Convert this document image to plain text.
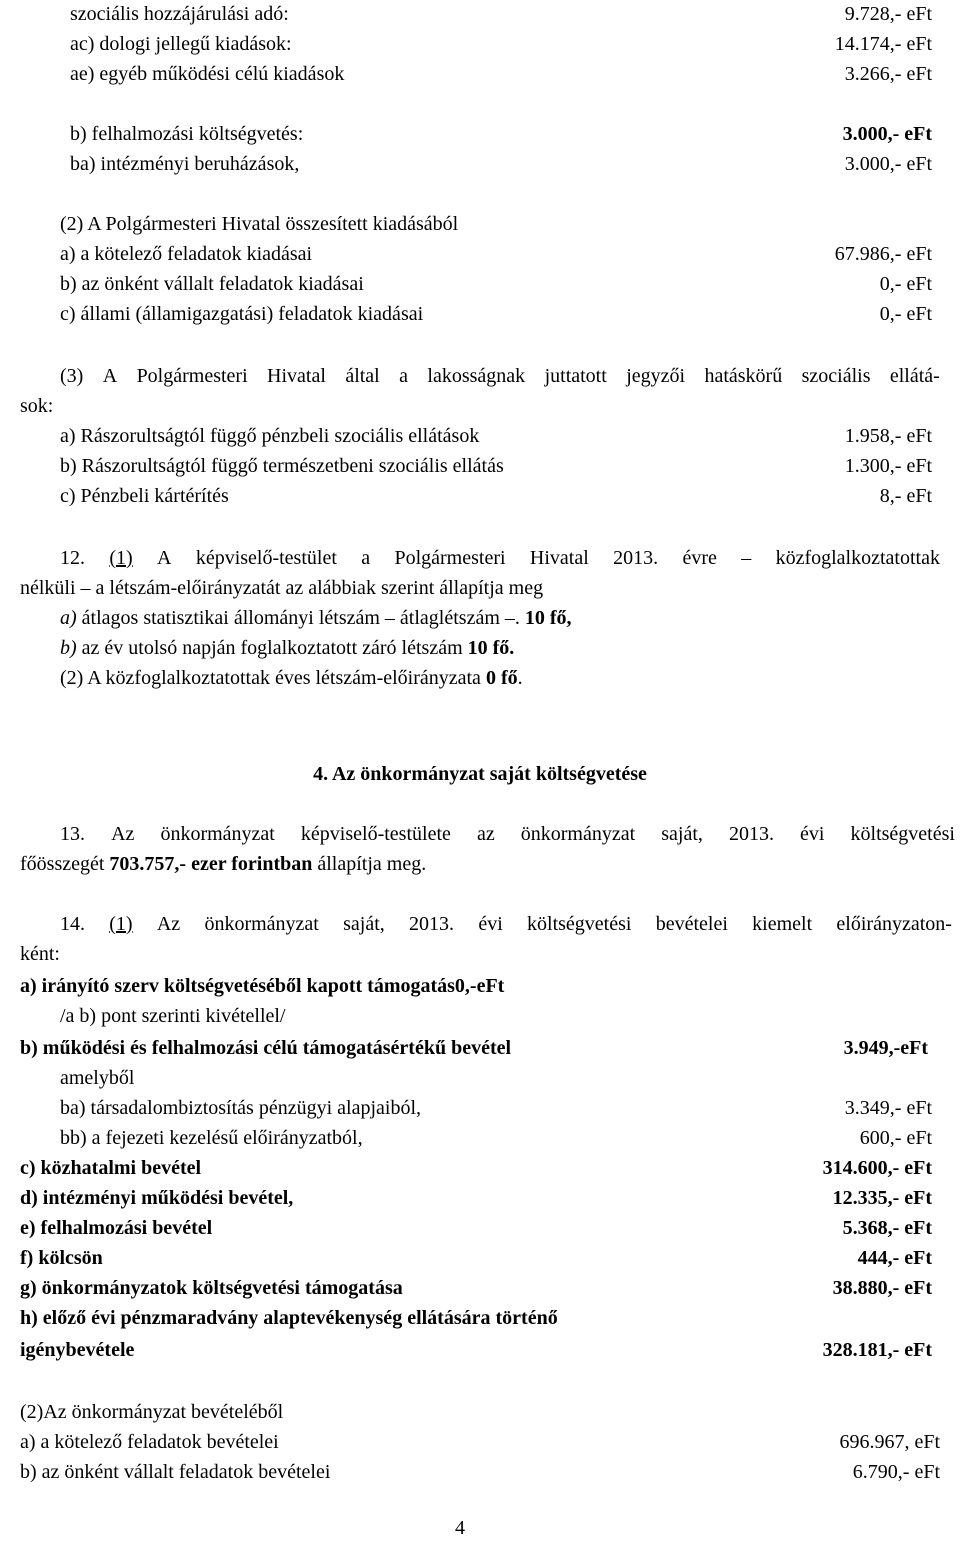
szociális hozzájárulási adó:	9.728,- eFt
ac) dologi jellegű kiadások:	14.174,- eFt
ae) egyéb működési célú kiadások	3.266,- eFt
b) felhalmozási költségvetés:	3.000,- eFt
ba) intézményi beruházások,	3.000,- eFt
(2) A Polgármesteri Hivatal összesített kiadásából
a) a kötelező feladatok kiadásai	67.986,- eFt
b) az önként vállalt feladatok kiadásai	0,- eFt
c) állami (államigazgatási) feladatok kiadásai	0,- eFt
(3) A Polgármesteri Hivatal által a lakosságnak juttatott jegyzői hatáskörű szociális ellátá-
sok:
a) Rászorultságtól függő pénzbeli szociális ellátások	1.958,- eFt
b) Rászorultságtól függő természetbeni szociális ellátás	1.300,- eFt
c) Pénzbeli kártérítés	8,- eFt
12. (1) A képviselő-testület a Polgármesteri Hivatal 2013. évre – közfoglalkoztatottak
nélküli – a létszám-előirányzatát az alábbiak szerint állapítja meg
a) átlagos statisztikai állományi létszám – átlaglétszám –. 10 fő,
b) az év utolsó napján foglalkoztatott záró létszám 10 fő.
(2) A közfoglalkoztatottak éves létszám-előirányzata 0 fő.
4. Az önkormányzat saját költségvetése
13. Az önkormányzat képviselő-testülete az önkormányzat saját, 2013. évi költségvetési
főösszegét 703.757,- ezer forintban állapítja meg.
14. (1) Az önkormányzat saját, 2013. évi költségvetési bevételei kiemelt előirányzaton-
ként:
a) irányító szerv költségvetéséből kapott támogatás0,-eFt
/a b) pont szerinti kivétellel/
b) működési és felhalmozási célú támogatásértékű bevétel	3.949,-eFt
amelyből
ba) társadalombiztosítás pénzügyi alapjaiból,	3.349,- eFt
bb) a fejezeti kezelésű előirányzatból,	600,- eFt
c) közhatalmi bevétel	314.600,- eFt
d) intézményi működési bevétel,	12.335,- eFt
e) felhalmozási bevétel	5.368,- eFt
f) kölcsön	444,- eFt
g) önkormányzatok költségvetési támogatása	38.880,- eFt
h) előző évi pénzmaradvány alaptevékenység ellátására történő
igénybevétele	328.181,- eFt
(2)Az önkormányzat bevételéből
a) a kötelező feladatok bevételei	696.967, eFt
b) az önként vállalt feladatok bevételei	6.790,- eFt
4
